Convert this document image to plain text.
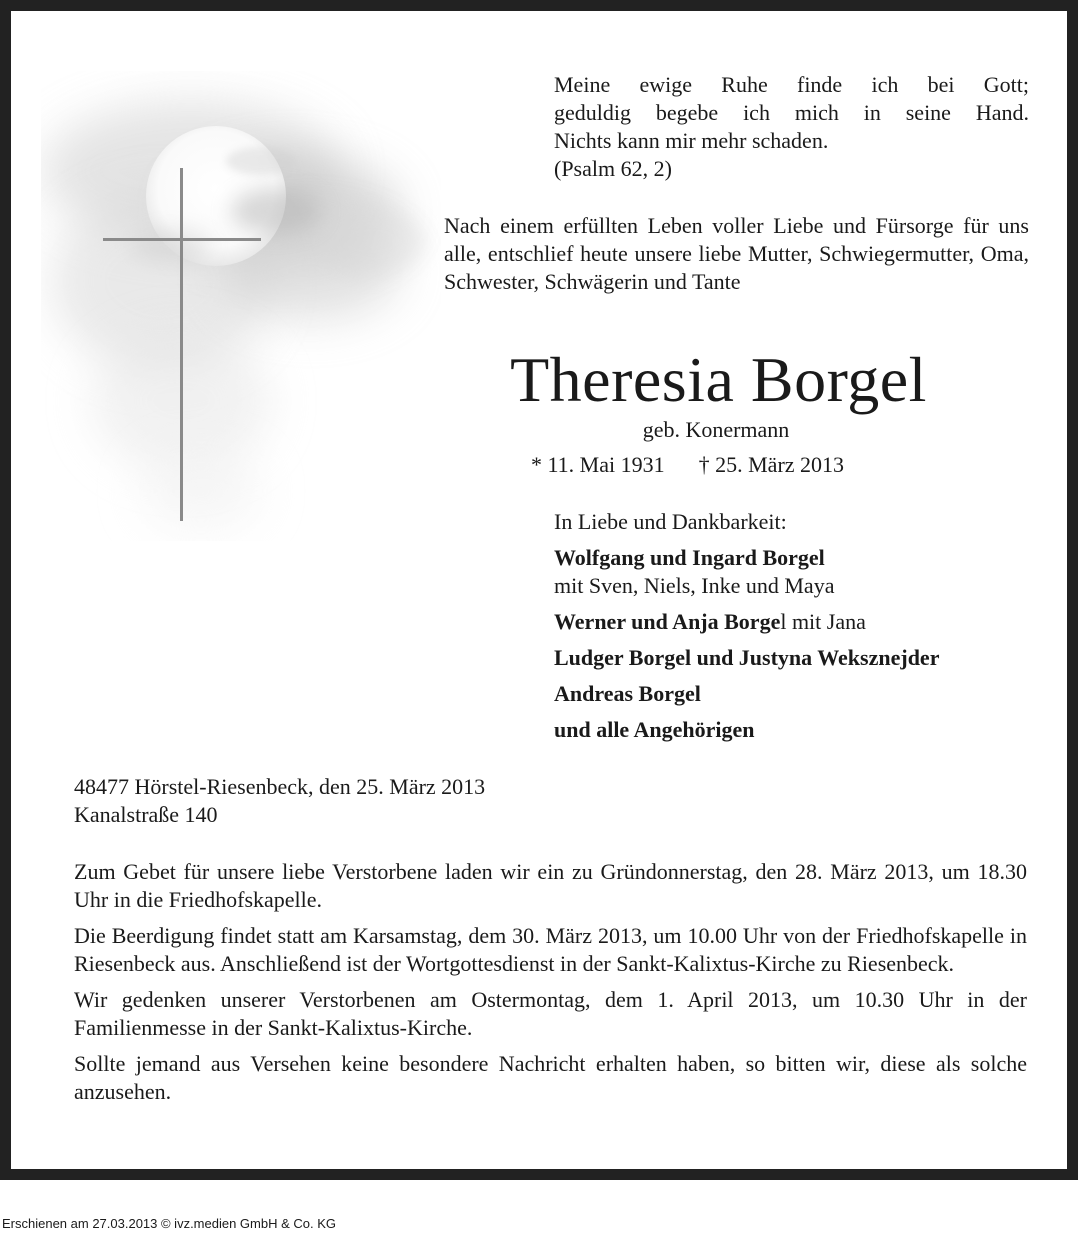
Meine ewige Ruhe finde ich bei Gott;
geduldig begebe ich mich in seine Hand.
Nichts kann mir mehr schaden.
(Psalm 62, 2)
Nach einem erfüllten Leben voller Liebe und Fürsorge für uns alle, entschlief heute unsere liebe Mutter, Schwiegermutter, Oma, Schwester, Schwägerin und Tante
Theresia Borgel
geb. Konermann
* 11. Mai 1931 † 25. März 2013
In Liebe und Dankbarkeit:
Wolfgang und Ingard Borgel
mit Sven, Niels, Inke und Maya
Werner und Anja Borgel mit Jana
Ludger Borgel und Justyna Weksznejder
Andreas Borgel
und alle Angehörigen
48477 Hörstel-Riesenbeck, den 25. März 2013
Kanalstraße 140

Zum Gebet für unsere liebe Verstorbene laden wir ein zu Gründonnerstag, den 28. März 2013, um 18.30 Uhr in die Friedhofskapelle.

Die Beerdigung findet statt am Karsamstag, dem 30. März 2013, um 10.00 Uhr von der Friedhofskapelle in Riesenbeck aus. Anschließend ist der Wortgottesdienst in der Sankt-Kalixtus-Kirche zu Riesenbeck.

Wir gedenken unserer Verstorbenen am Ostermontag, dem 1. April 2013, um 10.30 Uhr in der Familienmesse in der Sankt-Kalixtus-Kirche.

Sollte jemand aus Versehen keine besondere Nachricht erhalten haben, so bitten wir, diese als solche anzusehen.

Erschienen am 27.03.2013 © ivz.medien GmbH & Co. KG
